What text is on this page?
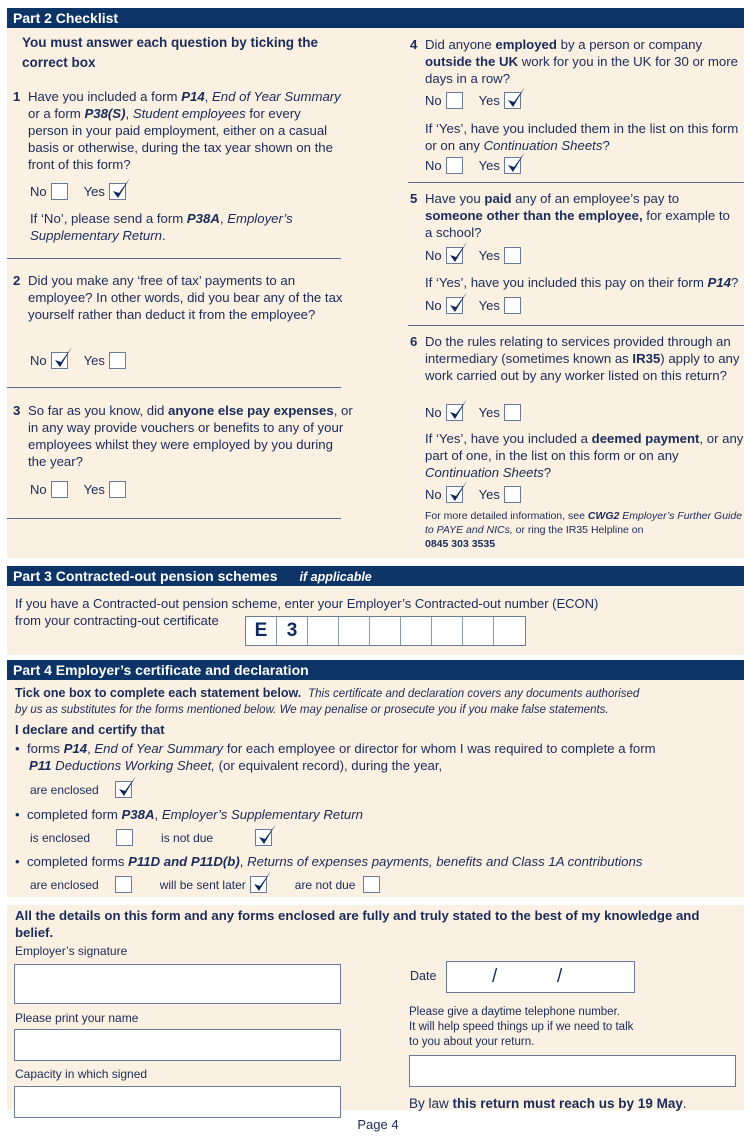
Part 2 Checklist
You must answer each question by ticking the correct box
1 Have you included a form P14, End of Year Summary or a form P38(S), Student employees for every person in your paid employment, either on a casual basis or otherwise, during the tax year shown on the front of this form?
No	Yes
If ‘No’, please send a form P38A, Employer’s Supplementary Return.
2 Did you make any ‘free of tax’ payments to an employee? In other words, did you bear any of the tax yourself rather than deduct it from the employee?
No	Yes
3 So far as you know, did anyone else pay expenses, or in any way provide vouchers or benefits to any of your employees whilst they were employed by you during the year?
No	Yes
4 Did anyone employed by a person or company outside the UK work for you in the UK for 30 or more days in a row?
No	Yes
If ‘Yes’, have you included them in the list on this form or on any Continuation Sheets?
No	Yes
5 Have you paid any of an employee’s pay to someone other than the employee, for example to a school?
No	Yes
If ‘Yes’, have you included this pay on their form P14?
No	Yes
6 Do the rules relating to services provided through an intermediary (sometimes known as IR35) apply to any work carried out by any worker listed on this return?
No	Yes
If ‘Yes’, have you included a deemed payment, or any part of one, in the list on this form or on any Continuation Sheets?
No	Yes
For more detailed information, see CWG2 Employer’s Further Guide to PAYE and NICs, or ring the IR35 Helpline on
0845 303 3535
Part 3 Contracted-out pension schemes if applicable
If you have a Contracted-out pension scheme, enter your Employer’s Contracted-out number (ECON)
from your contracting-out certificate	E	3
Part 4 Employer’s certificate and declaration
Tick one box to complete each statement below. This certificate and declaration covers any documents authorised
by us as substitutes for the forms mentioned below. We may penalise or prosecute you if you make false statements.
I declare and certify that
•  forms P14, End of Year Summary for each employee or director for whom I was required to complete a form
P11 Deductions Working Sheet, (or equivalent record), during the year,
are enclosed
•  completed form P38A, Employer’s Supplementary Return
is enclosed	is not due
•  completed forms P11D and P11D(b), Returns of expenses payments, benefits and Class 1A contributions
are enclosed	will be sent later	are not due
All the details on this form and any forms enclosed are fully and truly stated to the best of my knowledge and belief.
Employer’s signature
Please print your name
Capacity in which signed
Date	/	/
Please give a daytime telephone number.
It will help speed things up if we need to talk
to you about your return.
By law this return must reach us by 19 May.
Page 4
